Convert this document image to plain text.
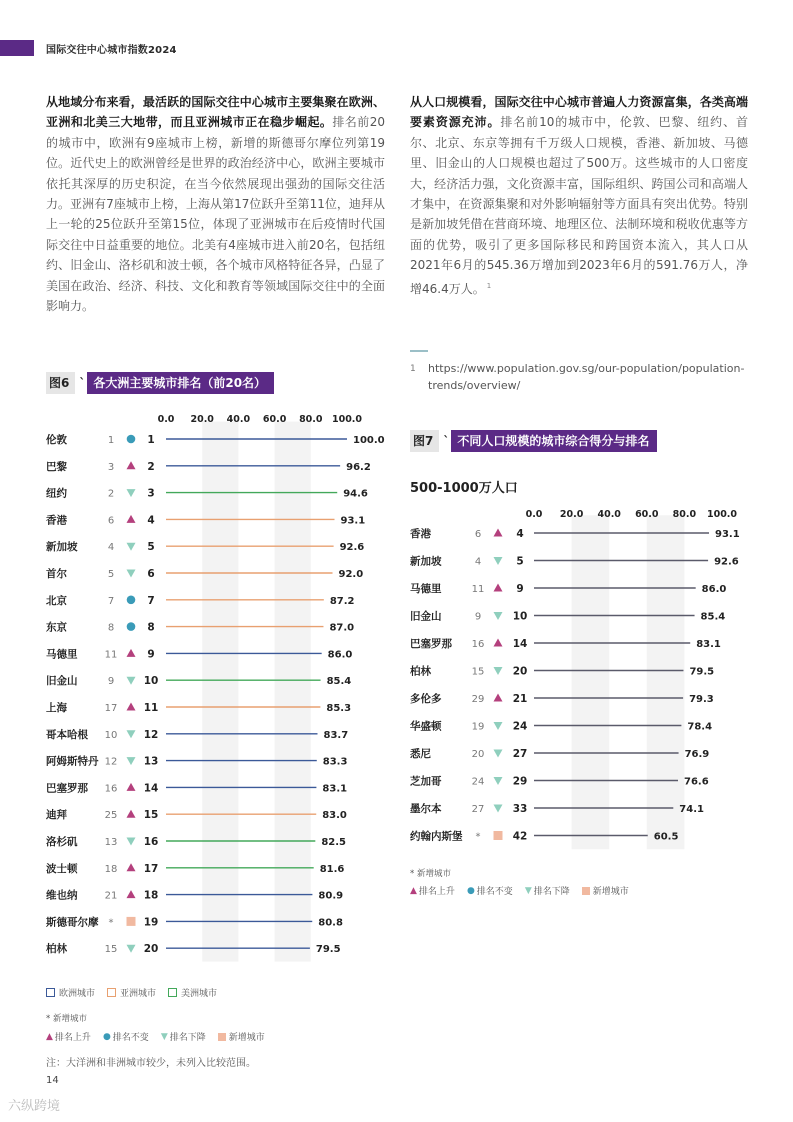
国际交往中心城市指数2024
从地域分布来看，最活跃的国际交往中心城市主要集聚在欧洲、亚洲和北美三大地带，而且亚洲城市正在稳步崛起。排名前20的城市中，欧洲有9座城市上榜，新增的斯德哥尔摩位列第19位。近代史上的欧洲曾经是世界的政治经济中心，欧洲主要城市依托其深厚的历史积淀，在当今依然展现出强劲的国际交往活力。亚洲有7座城市上榜，上海从第17位跃升至第11位，迪拜从上一轮的25位跃升至第15位，体现了亚洲城市在后疫情时代国际交往中日益重要的地位。北美有4座城市进入前20名，包括纽约、旧金山、洛杉矶和波士顿，各个城市风格特征各异，凸显了美国在政治、经济、科技、文化和教育等领域国际交往中的全面影响力。
从人口规模看，国际交往中心城市普遍人力资源富集，各类高端要素资源充沛。排名前10的城市中，伦敦、巴黎、纽约、首尔、北京、东京等拥有千万级人口规模，香港、新加坡、马德里、旧金山的人口规模也超过了500万。这些城市的人口密度大，经济活力强，文化资源丰富，国际组织、跨国公司和高端人才集中，在资源集聚和对外影响辐射等方面具有突出优势。特别是新加坡凭借在营商环境、地理区位、法制环境和税收优惠等方面的优势，吸引了更多国际移民和跨国资本流入，其人口从2021年6月的545.36万增加到2023年6月的591.76万人，净增46.4万人。 $^1$
1 https://www.population.gov.sg/our-population/population-trends/overview/
图6 ` 各大洲主要城市排名（前20名）
图7 ` 不同人口规模的城市综合得分与排名
500-1000万人口
0.0 20.0 40.0 60.0 80.0 100.0
伦敦	1	1	100.0
巴黎	3	2	96.2
纽约	2	3	94.6
香港	6	4	93.1
新加坡	4	5	92.6
首尔	5	6	92.0
北京	7	7	87.2
东京	8	8	87.0
马德里	11	9	86.0
旧金山	9	10	85.4
上海	17	11	85.3
哥本哈根 10	12	83.7
阿姆斯特丹 12	13	83.3
巴塞罗那 16	14	83.1
迪拜	25	15	83.0
洛杉矶	13	16	82.5
波士顿	18	17	81.6
维也纳	21	18	80.9
斯德哥尔摩 *	19	80.8
柏林	15	20	79.5
0.0 20.0 40.0 60.0 80.0 100.0
香港	6	4	93.1
新加坡	4	5	92.6
马德里	11	9	86.0
旧金山	9	10	85.4
巴塞罗那 16	14	83.1
柏林	15	20	79.5
多伦多	29	21	79.3
华盛顿	19	24	78.4
悉尼	20	27	76.9
芝加哥	24	29	76.6
墨尔本	27	33	74.1
约翰内斯堡 *	42	60.5
欧洲城市	亚洲城市	美洲城市
* 新增城市
▲ 排名上升 ● 排名不变 ▼ 排名下降	新增城市
注：大洋洲和非洲城市较少，未列入比较范围。
* 新增城市
▲ 排名上升 ● 排名不变 ▼ 排名下降	新增城市
14
六纵跨境
